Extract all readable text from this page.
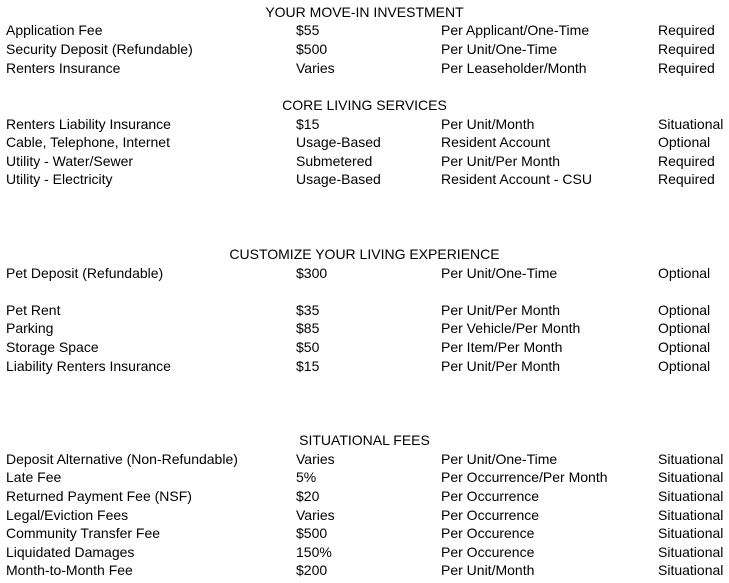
YOUR MOVE-IN INVESTMENT
Application Fee	$55	Per Applicant/One-Time	Required
Security Deposit (Refundable)	$500	Per Unit/One-Time	Required
Renters Insurance	Varies	Per Leaseholder/Month	Required
CORE LIVING SERVICES
Renters Liability Insurance	$15	Per Unit/Month	Situational
Cable, Telephone, Internet	Usage-Based	Resident Account	Optional
Utility - Water/Sewer	Submetered	Per Unit/Per Month	Required
Utility - Electricity	Usage-Based	Resident Account - CSU	Required
CUSTOMIZE YOUR LIVING EXPERIENCE
Pet Deposit (Refundable)	$300	Per Unit/One-Time	Optional
Pet Rent	$35	Per Unit/Per Month	Optional
Parking	$85	Per Vehicle/Per Month	Optional
Storage Space	$50	Per Item/Per Month	Optional
Liability Renters Insurance	$15	Per Unit/Per Month	Optional
SITUATIONAL FEES
Deposit Alternative (Non-Refundable)	Varies	Per Unit/One-Time	Situational
Late Fee	5%	Per Occurrence/Per Month	Situational
Returned Payment Fee (NSF)	$20	Per Occurrence	Situational
Legal/Eviction Fees	Varies	Per Occurrence	Situational
Community Transfer Fee	$500	Per Occurence	Situational
Liquidated Damages	150%	Per Occurence	Situational
Month-to-Month Fee	$200	Per Unit/Month	Situational
